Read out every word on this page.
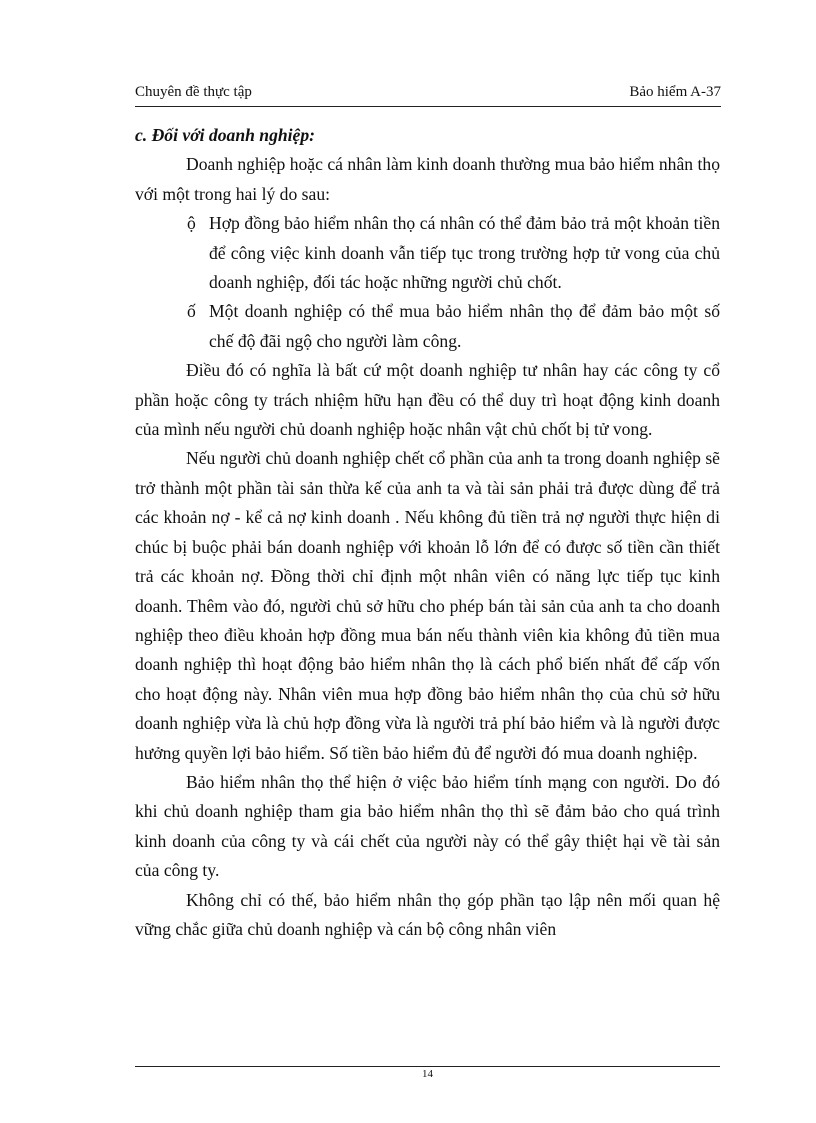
Chuyên đề thực tập	Bảo hiểm A-37

c. Đối với doanh nghiệp:

Doanh nghiệp hoặc cá nhân làm kinh doanh thường mua bảo hiểm nhân thọ với một trong hai lý do sau:

ộ Hợp đồng bảo hiểm nhân thọ cá nhân có thể đảm bảo trả một khoản tiền để công việc kinh doanh vẫn tiếp tục trong trường hợp tử vong của chủ doanh nghiệp, đối tác hoặc những người chủ chốt.
ố Một doanh nghiệp có thể mua bảo hiểm nhân thọ để đảm bảo một số chế độ đãi ngộ cho người làm công.

Điều đó có nghĩa là bất cứ một doanh nghiệp tư nhân hay các công ty cổ phần hoặc công ty trách nhiệm hữu hạn đều có thể duy trì hoạt động kinh doanh của mình nếu người chủ doanh nghiệp hoặc nhân vật chủ chốt bị tử vong.

Nếu người chủ doanh nghiệp chết cổ phần của anh ta trong doanh nghiệp sẽ trở thành một phần tài sản thừa kế của anh ta và tài sản phải trả được dùng để trả các khoản nợ - kể cả nợ kinh doanh . Nếu không đủ tiền trả nợ người thực hiện di chúc bị buộc phải bán doanh nghiệp với khoản lỗ lớn để có được số tiền cần thiết trả các khoản nợ. Đồng thời chỉ định một nhân viên có năng lực tiếp tục kinh doanh. Thêm vào đó, người chủ sở hữu cho phép bán tài sản của anh ta cho doanh nghiệp theo điều khoản hợp đồng mua bán nếu thành viên kia không đủ tiền mua doanh nghiệp thì hoạt động bảo hiểm nhân thọ là cách phổ biến nhất để cấp vốn cho hoạt động này. Nhân viên mua hợp đồng bảo hiểm nhân thọ của chủ sở hữu doanh nghiệp vừa là chủ hợp đồng vừa là người trả phí bảo hiểm và là người được hưởng quyền lợi bảo hiểm. Số tiền bảo hiểm đủ để người đó mua doanh nghiệp.

Bảo hiểm nhân thọ thể hiện ở việc bảo hiểm tính mạng con người. Do đó khi chủ doanh nghiệp tham gia bảo hiểm nhân thọ thì sẽ đảm bảo cho quá trình kinh doanh của công ty và cái chết của người này có thể gây thiệt hại về tài sản của công ty.

Không chỉ có thế, bảo hiểm nhân thọ góp phần tạo lập nên mối quan hệ vững chắc giữa chủ doanh nghiệp và cán bộ công nhân viên

14
